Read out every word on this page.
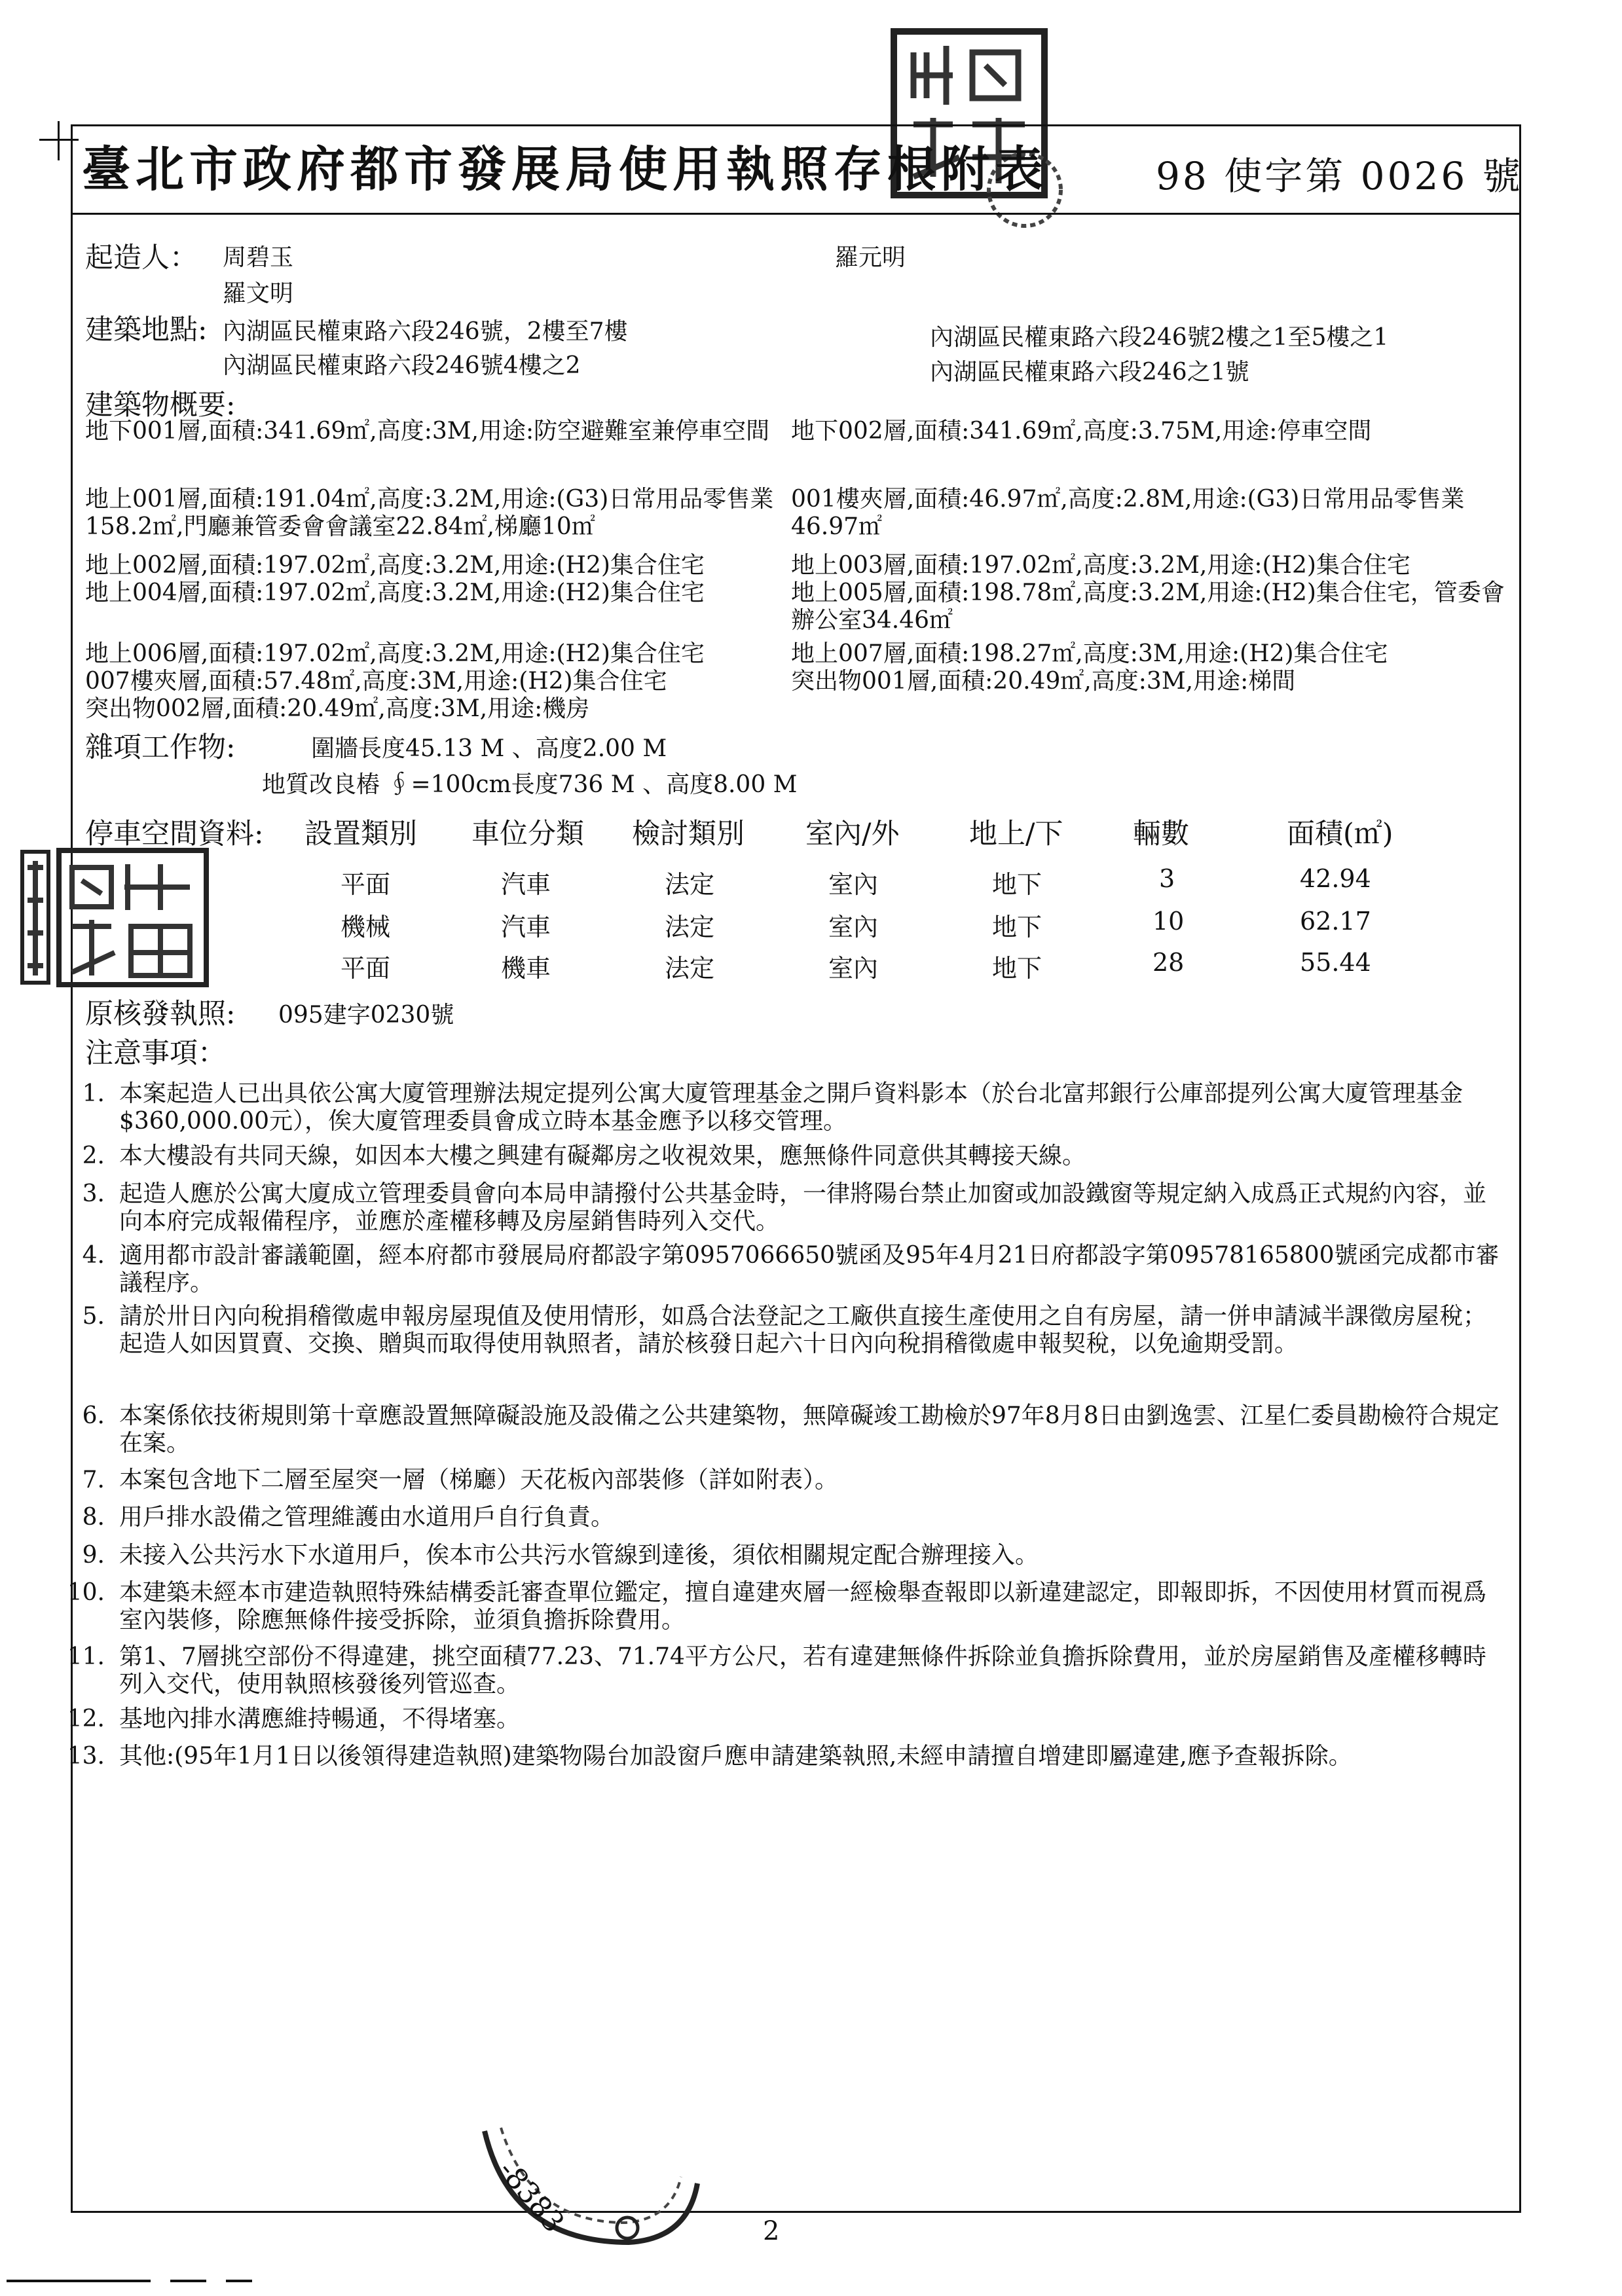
臺北市政府都市發展局使用執照存根附表	98 使字第 0026 號
起造人： 周碧玉	羅元明
羅文明
建築地點: 內湖區民權東路六段246號，2樓至7樓	內湖區民權東路六段246號2樓之1至5樓之1
內湖區民權東路六段246號4樓之2	內湖區民權東路六段246之1號
建築物概要:
地下001層,面積:341.69㎡,高度:3M,用途:防空避難室兼停車空間 地下002層,面積:341.69㎡,高度:3.75M,用途:停車空間
地上001層,面積:191.04㎡,高度:3.2M,用途:(G3)日常用品零售業158.2㎡,門廳兼管委會會議室22.84㎡,梯廳10㎡
001樓夾層,面積:46.97㎡,高度:2.8M,用途:(G3)日常用品零售業46.97㎡
地上002層,面積:197.02㎡,高度:3.2M,用途:(H2)集合住宅	地上003層,面積:197.02㎡,高度:3.2M,用途:(H2)集合住宅
地上004層,面積:197.02㎡,高度:3.2M,用途:(H2)集合住宅	地上005層,面積:198.78㎡,高度:3.2M,用途:(H2)集合住宅，管委會辦公室34.46㎡
地上006層,面積:197.02㎡,高度:3.2M,用途:(H2)集合住宅	地上007層,面積:198.27㎡,高度:3M,用途:(H2)集合住宅
007樓夾層,面積:57.48㎡,高度:3M,用途:(H2)集合住宅	突出物001層,面積:20.49㎡,高度:3M,用途:梯間
突出物002層,面積:20.49㎡,高度:3M,用途:機房
雜項工作物:	圍牆長度45.13 M 、高度2.00 M
地質改良樁 ∮=100cm長度736 M 、高度8.00 M
停車空間資料: 設置類別 車位分類 檢討類別 室內/外 地上/下 輛數	面積(㎡)
平面	汽車	法定	室內	地下	3	42.94
機械	汽車	法定	室內	地下	10	62.17
平面	機車	法定	室內	地下	28	55.44
原核發執照: 095建字0230號
注意事項：
1. 本案起造人已出具依公寓大廈管理辦法規定提列公寓大廈管理基金之開戶資料影本（於台北富邦銀行公庫部提列公寓大廈管理基金$360,000.00元），俟大廈管理委員會成立時本基金應予以移交管理。
2. 本大樓設有共同天線，如因本大樓之興建有礙鄰房之收視效果，應無條件同意供其轉接天線。
3. 起造人應於公寓大廈成立管理委員會向本局申請撥付公共基金時，一律將陽台禁止加窗或加設鐵窗等規定納入成爲正式規約內容，並向本府完成報備程序，並應於產權移轉及房屋銷售時列入交代。
4. 適用都市設計審議範圍，經本府都市發展局府都設字第0957066650號函及95年4月21日府都設字第09578165800號函完成都市審議程序。
5. 請於卅日內向稅捐稽徵處申報房屋現值及使用情形，如爲合法登記之工廠供直接生產使用之自有房屋，請一併申請減半課徵房屋稅；起造人如因買賣、交換、贈與而取得使用執照者，請於核發日起六十日內向稅捐稽徵處申報契稅，以免逾期受罰。
6. 本案係依技術規則第十章應設置無障礙設施及設備之公共建築物，無障礙竣工勘檢於97年8月8日由劉逸雲、江星仁委員勘檢符合規定在案。
7. 本案包含地下二層至屋突一層（梯廳）天花板內部裝修（詳如附表）。
8. 用戶排水設備之管理維護由水道用戶自行負責。
9. 未接入公共污水下水道用戶，俟本市公共污水管線到達後，須依相關規定配合辦理接入。
10. 本建築未經本市建造執照特殊結構委託審查單位鑑定，擅自違建夾層一經檢舉查報即以新違建認定，即報即拆，不因使用材質而視爲室內裝修，除應無條件接受拆除，並須負擔拆除費用。
11. 第1、7層挑空部份不得違建，挑空面積77.23、71.74平方公尺，若有違建無條件拆除並負擔拆除費用，並於房屋銷售及產權移轉時列入交代，使用執照核發後列管巡查。
12. 基地內排水溝應維持暢通，不得堵塞。
13. 其他:(95年1月1日以後領得建造執照)建築物陽台加設窗戶應申請建築執照,未經申請擅自增建即屬違建,應予查報拆除。
-8383	2
